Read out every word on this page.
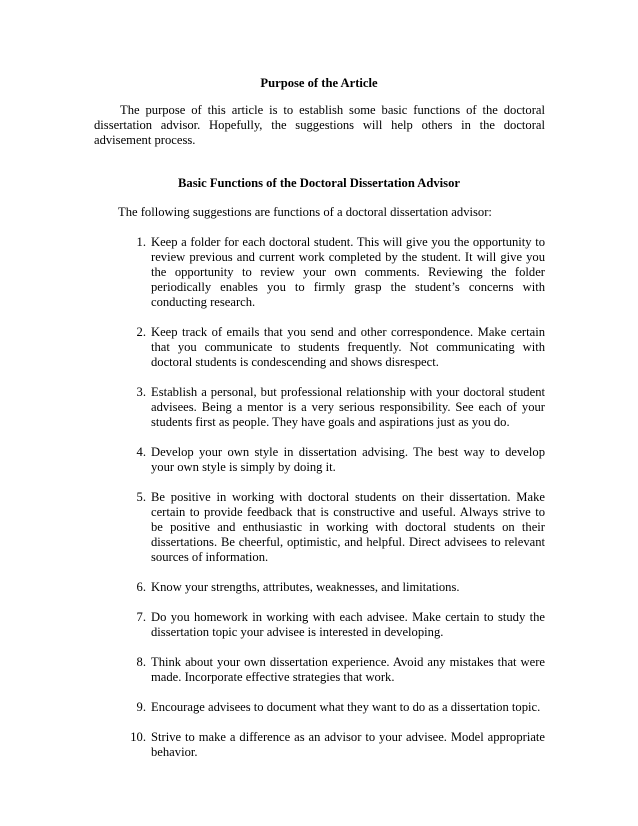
Purpose of the Article
The purpose of this article is to establish some basic functions of the doctoral dissertation advisor. Hopefully, the suggestions will help others in the doctoral advisement process.
Basic Functions of the Doctoral Dissertation Advisor
The following suggestions are functions of a doctoral dissertation advisor:
1. Keep a folder for each doctoral student. This will give you the opportunity to review previous and current work completed by the student. It will give you the opportunity to review your own comments. Reviewing the folder periodically enables you to firmly grasp the student’s concerns with conducting research.
2. Keep track of emails that you send and other correspondence. Make certain that you communicate to students frequently. Not communicating with doctoral students is condescending and shows disrespect.
3. Establish a personal, but professional relationship with your doctoral student advisees. Being a mentor is a very serious responsibility. See each of your students first as people. They have goals and aspirations just as you do.
4. Develop your own style in dissertation advising. The best way to develop your own style is simply by doing it.
5. Be positive in working with doctoral students on their dissertation. Make certain to provide feedback that is constructive and useful. Always strive to be positive and enthusiastic in working with doctoral students on their dissertations. Be cheerful, optimistic, and helpful. Direct advisees to relevant sources of information.
6. Know your strengths, attributes, weaknesses, and limitations.
7. Do you homework in working with each advisee. Make certain to study the dissertation topic your advisee is interested in developing.
8. Think about your own dissertation experience. Avoid any mistakes that were made. Incorporate effective strategies that work.
9. Encourage advisees to document what they want to do as a dissertation topic.
10. Strive to make a difference as an advisor to your advisee. Model appropriate behavior.
